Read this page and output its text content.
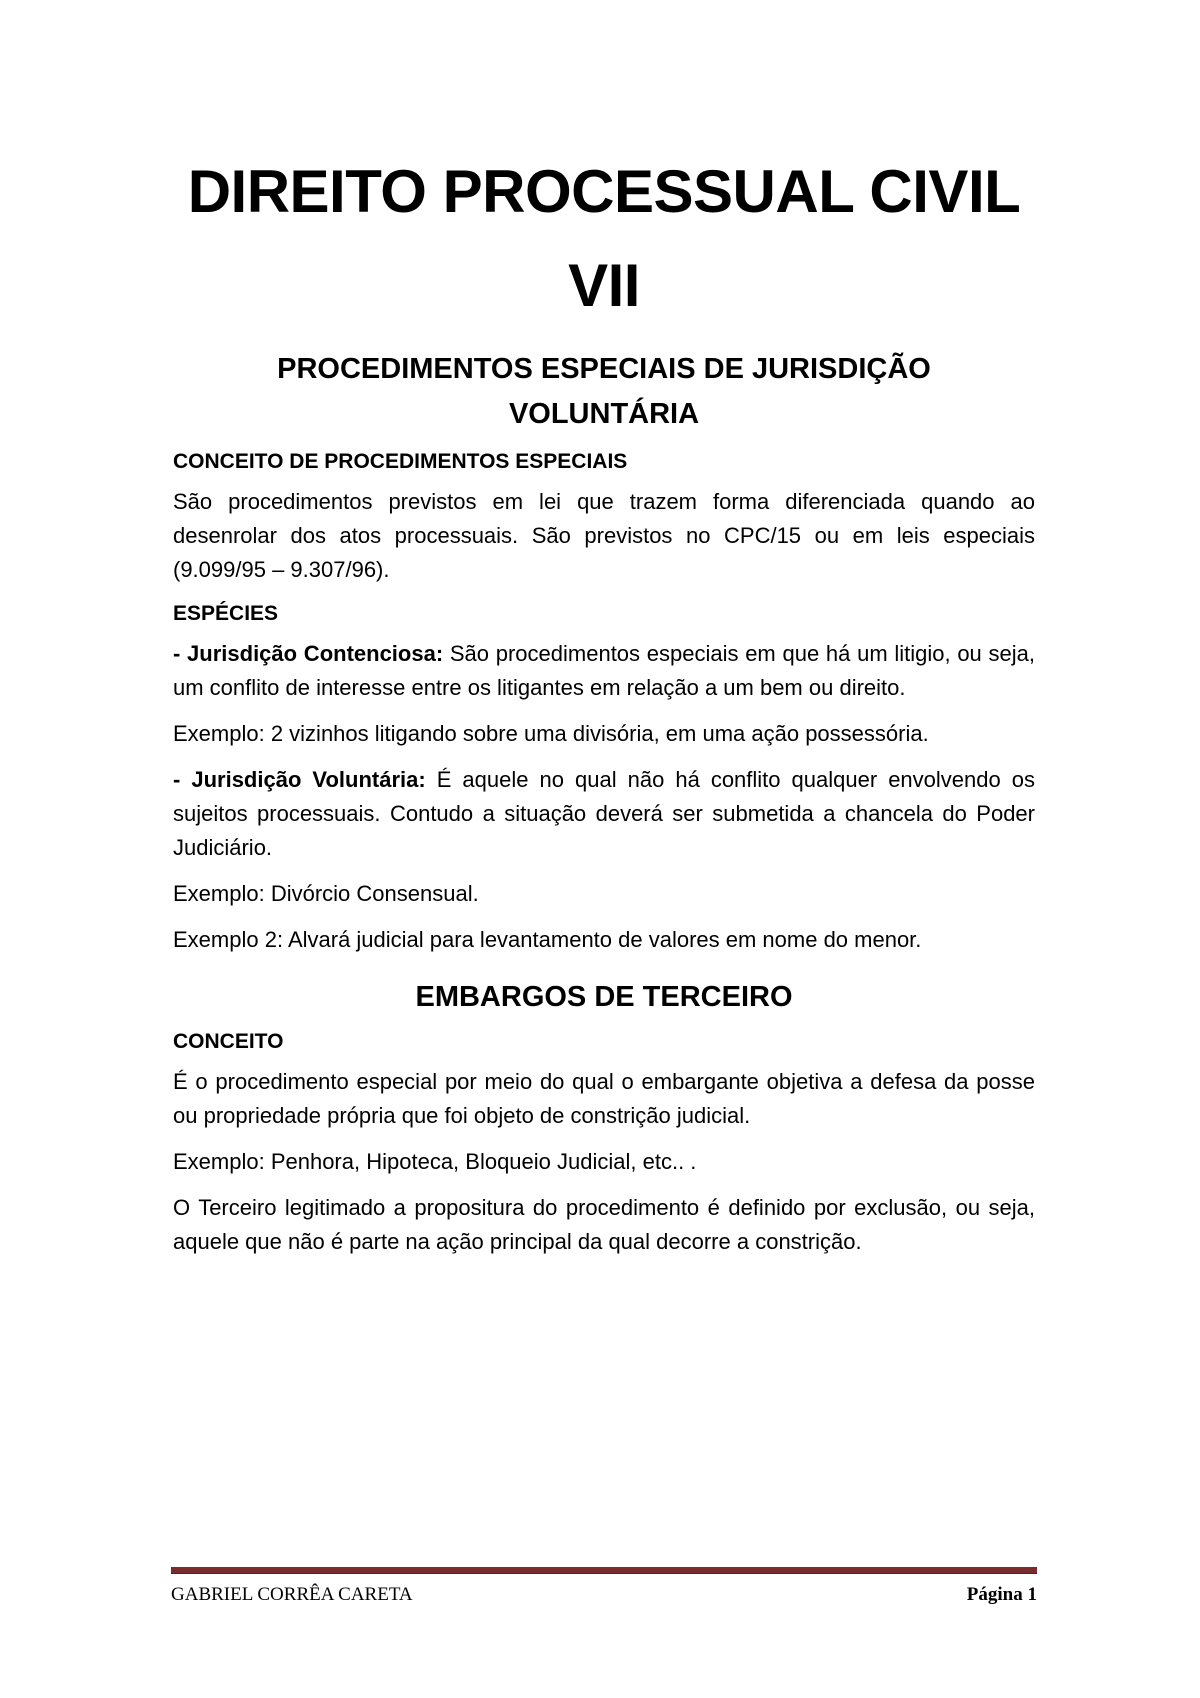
DIREITO PROCESSUAL CIVIL
VII
PROCEDIMENTOS ESPECIAIS DE JURISDIÇÃO
VOLUNTÁRIA
CONCEITO DE PROCEDIMENTOS ESPECIAIS

São procedimentos previstos em lei que trazem forma diferenciada quando ao desenrolar dos atos processuais. São previstos no CPC/15 ou em leis especiais (9.099/95 – 9.307/96).

ESPÉCIES

- Jurisdição Contenciosa: São procedimentos especiais em que há um litigio, ou seja, um conflito de interesse entre os litigantes em relação a um bem ou direito.

Exemplo: 2 vizinhos litigando sobre uma divisória, em uma ação possessória.

- Jurisdição Voluntária: É aquele no qual não há conflito qualquer envolvendo os sujeitos processuais. Contudo a situação deverá ser submetida a chancela do Poder Judiciário.

Exemplo: Divórcio Consensual.

Exemplo 2: Alvará judicial para levantamento de valores em nome do menor.

EMBARGOS DE TERCEIRO
CONCEITO

É o procedimento especial por meio do qual o embargante objetiva a defesa da posse ou propriedade própria que foi objeto de constrição judicial.

Exemplo: Penhora, Hipoteca, Bloqueio Judicial, etc.. .

O Terceiro legitimado a propositura do procedimento é definido por exclusão, ou seja, aquele que não é parte na ação principal da qual decorre a constrição.

GABRIEL CORRÊA CARETA	Página 1
